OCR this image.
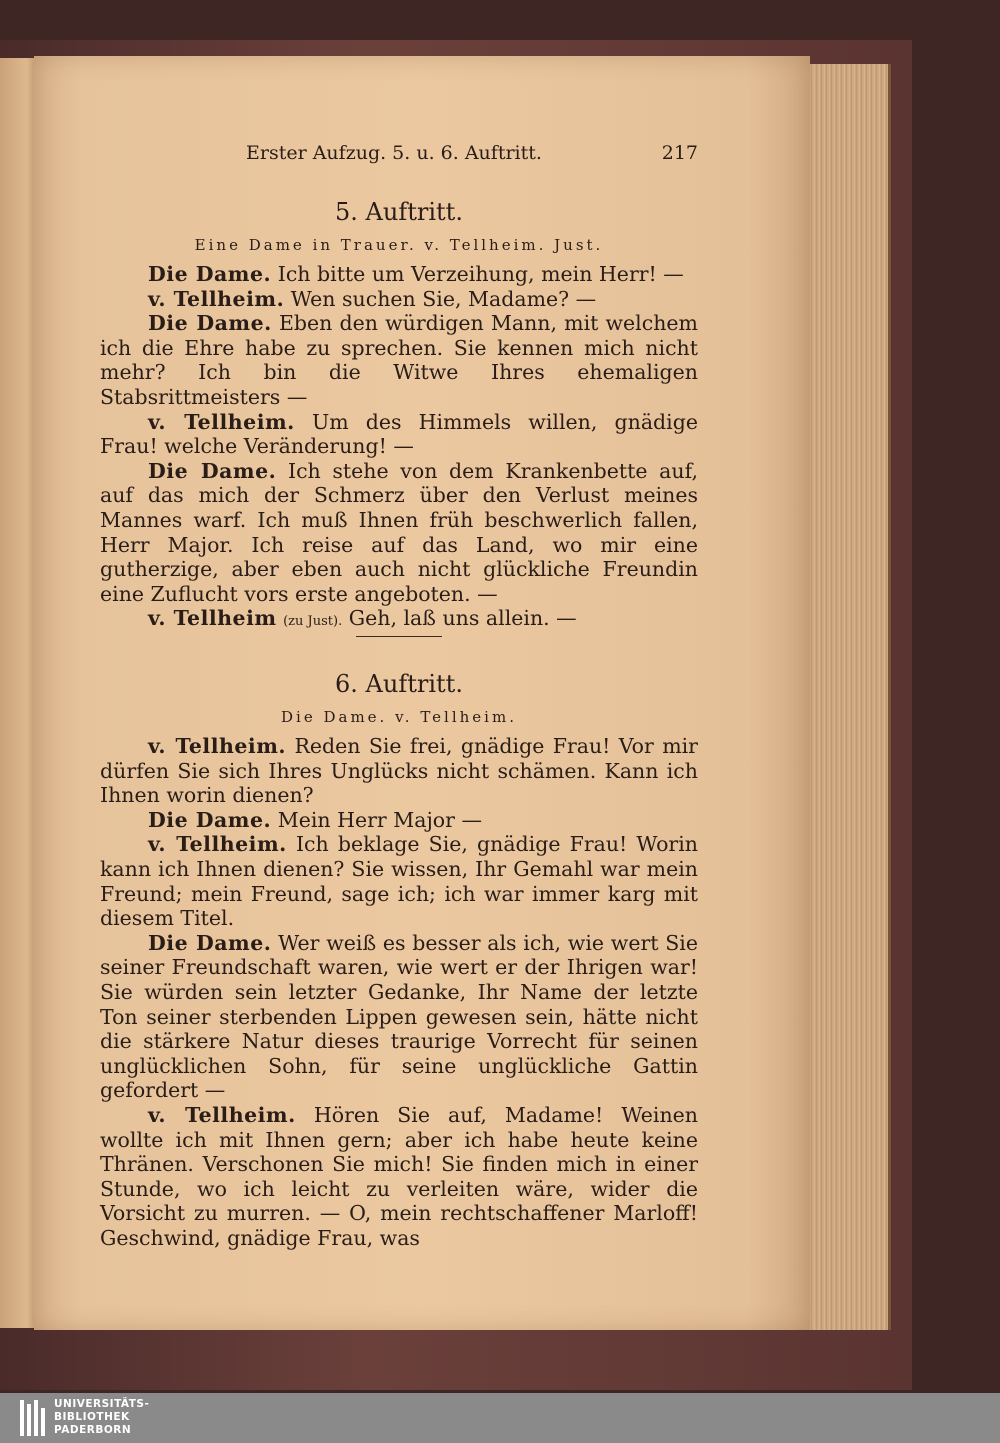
Erster Aufzug. 5. u. 6. Auftritt.	217
5. Auftritt.
Eine Dame in Trauer. v. Tellheim. Just.

Die Dame. Ich bitte um Verzeihung, mein Herr! —

v. Tellheim. Wen suchen Sie, Madame? —

Die Dame. Eben den würdigen Mann, mit welchem ich die Ehre habe zu sprechen. Sie kennen mich nicht mehr? Ich bin die Witwe Ihres ehemaligen Stabsrittmeisters —

v. Tellheim. Um des Himmels willen, gnädige Frau! welche Veränderung! —

Die Dame. Ich stehe von dem Krankenbette auf, auf das mich der Schmerz über den Verlust meines Mannes warf. Ich muß Ihnen früh beschwerlich fallen, Herr Major. Ich reise auf das Land, wo mir eine gutherzige, aber eben auch nicht glückliche Freundin eine Zuflucht vors erste angeboten. —

v. Tellheim (zu Just). Geh, laß uns allein. —

6. Auftritt.
Die Dame. v. Tellheim.

v. Tellheim. Reden Sie frei, gnädige Frau! Vor mir dürfen Sie sich Ihres Unglücks nicht schämen. Kann ich Ihnen worin dienen?

Die Dame. Mein Herr Major —

v. Tellheim. Ich beklage Sie, gnädige Frau! Worin kann ich Ihnen dienen? Sie wissen, Ihr Gemahl war mein Freund; mein Freund, sage ich; ich war immer karg mit diesem Titel.

Die Dame. Wer weiß es besser als ich, wie wert Sie seiner Freundschaft waren, wie wert er der Ihrigen war! Sie würden sein letzter Gedanke, Ihr Name der letzte Ton seiner sterbenden Lippen gewesen sein, hätte nicht die stärkere Natur dieses traurige Vorrecht für seinen unglücklichen Sohn, für seine unglückliche Gattin gefordert —

v. Tellheim. Hören Sie auf, Madame! Weinen wollte ich mit Ihnen gern; aber ich habe heute keine Thränen. Verschonen Sie mich! Sie finden mich in einer Stunde, wo ich leicht zu verleiten wäre, wider die Vorsicht zu murren. — O, mein rechtschaffener Marloff! Geschwind, gnädige Frau, was

UNIVERSITÄTS-
BIBLIOTHEK
PADERBORN
